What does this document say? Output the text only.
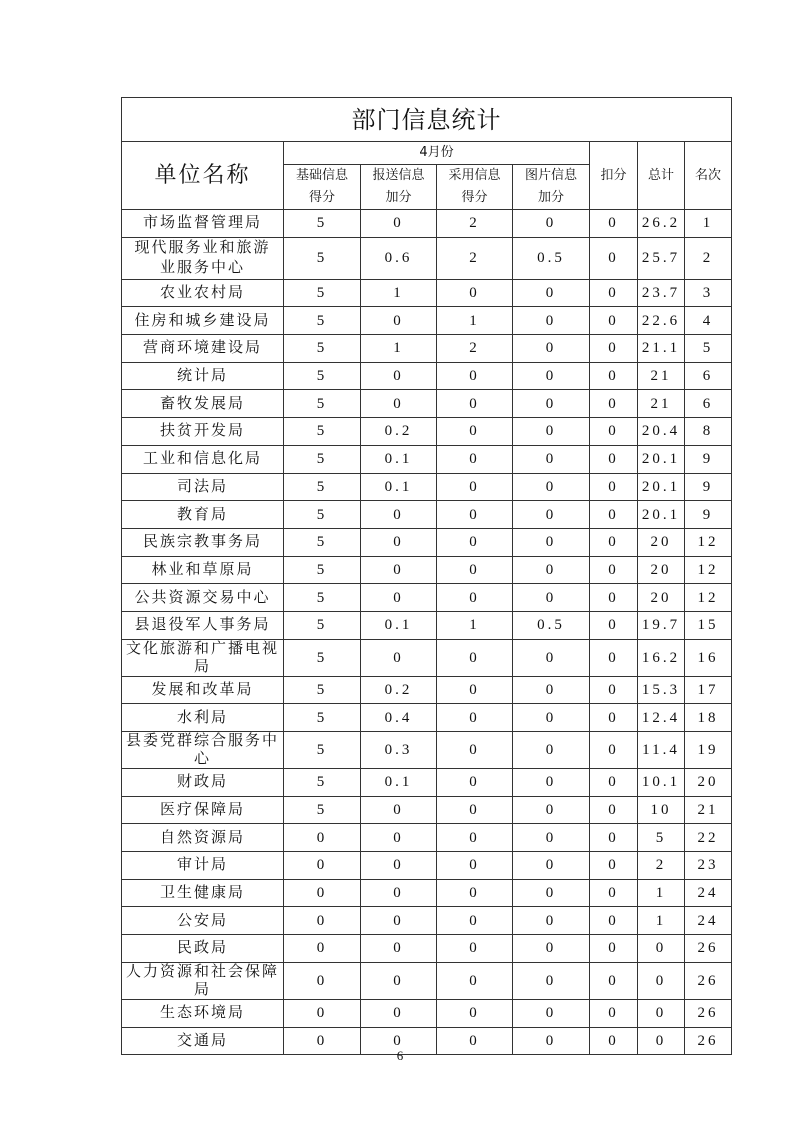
部门信息统计							
单位名称	4月份				扣分	总计	名次
	基础信息得分	报送信息加分	采用信息得分	图片信息加分			
市场监督管理局	5	0	2	0	0	26.2	1
现代服务业和旅游业服务中心	5	0.6	2	0.5	0	25.7	2
农业农村局	5	1	0	0	0	23.7	3
住房和城乡建设局	5	0	1	0	0	22.6	4
营商环境建设局	5	1	2	0	0	21.1	5
统计局	5	0	0	0	0	21	6
畜牧发展局	5	0	0	0	0	21	6
扶贫开发局	5	0.2	0	0	0	20.4	8
工业和信息化局	5	0.1	0	0	0	20.1	9
司法局	5	0.1	0	0	0	20.1	9
教育局	5	0	0	0	0	20.1	9
民族宗教事务局	5	0	0	0	0	20	12
林业和草原局	5	0	0	0	0	20	12
公共资源交易中心	5	0	0	0	0	20	12
县退役军人事务局	5	0.1	1	0.5	0	19.7	15
文化旅游和广播电视局	5	0	0	0	0	16.2	16
发展和改革局	5	0.2	0	0	0	15.3	17
水利局	5	0.4	0	0	0	12.4	18
县委党群综合服务中心	5	0.3	0	0	0	11.4	19
财政局	5	0.1	0	0	0	10.1	20
医疗保障局	5	0	0	0	0	10	21
自然资源局	0	0	0	0	0	5	22
审计局	0	0	0	0	0	2	23
卫生健康局	0	0	0	0	0	1	24
公安局	0	0	0	0	0	1	24
民政局	0	0	0	0	0	0	26
人力资源和社会保障局	0	0	0	0	0	0	26
生态环境局	0	0	0	0	0	0	26
交通局	0	0	0	0	0	0	26
6
